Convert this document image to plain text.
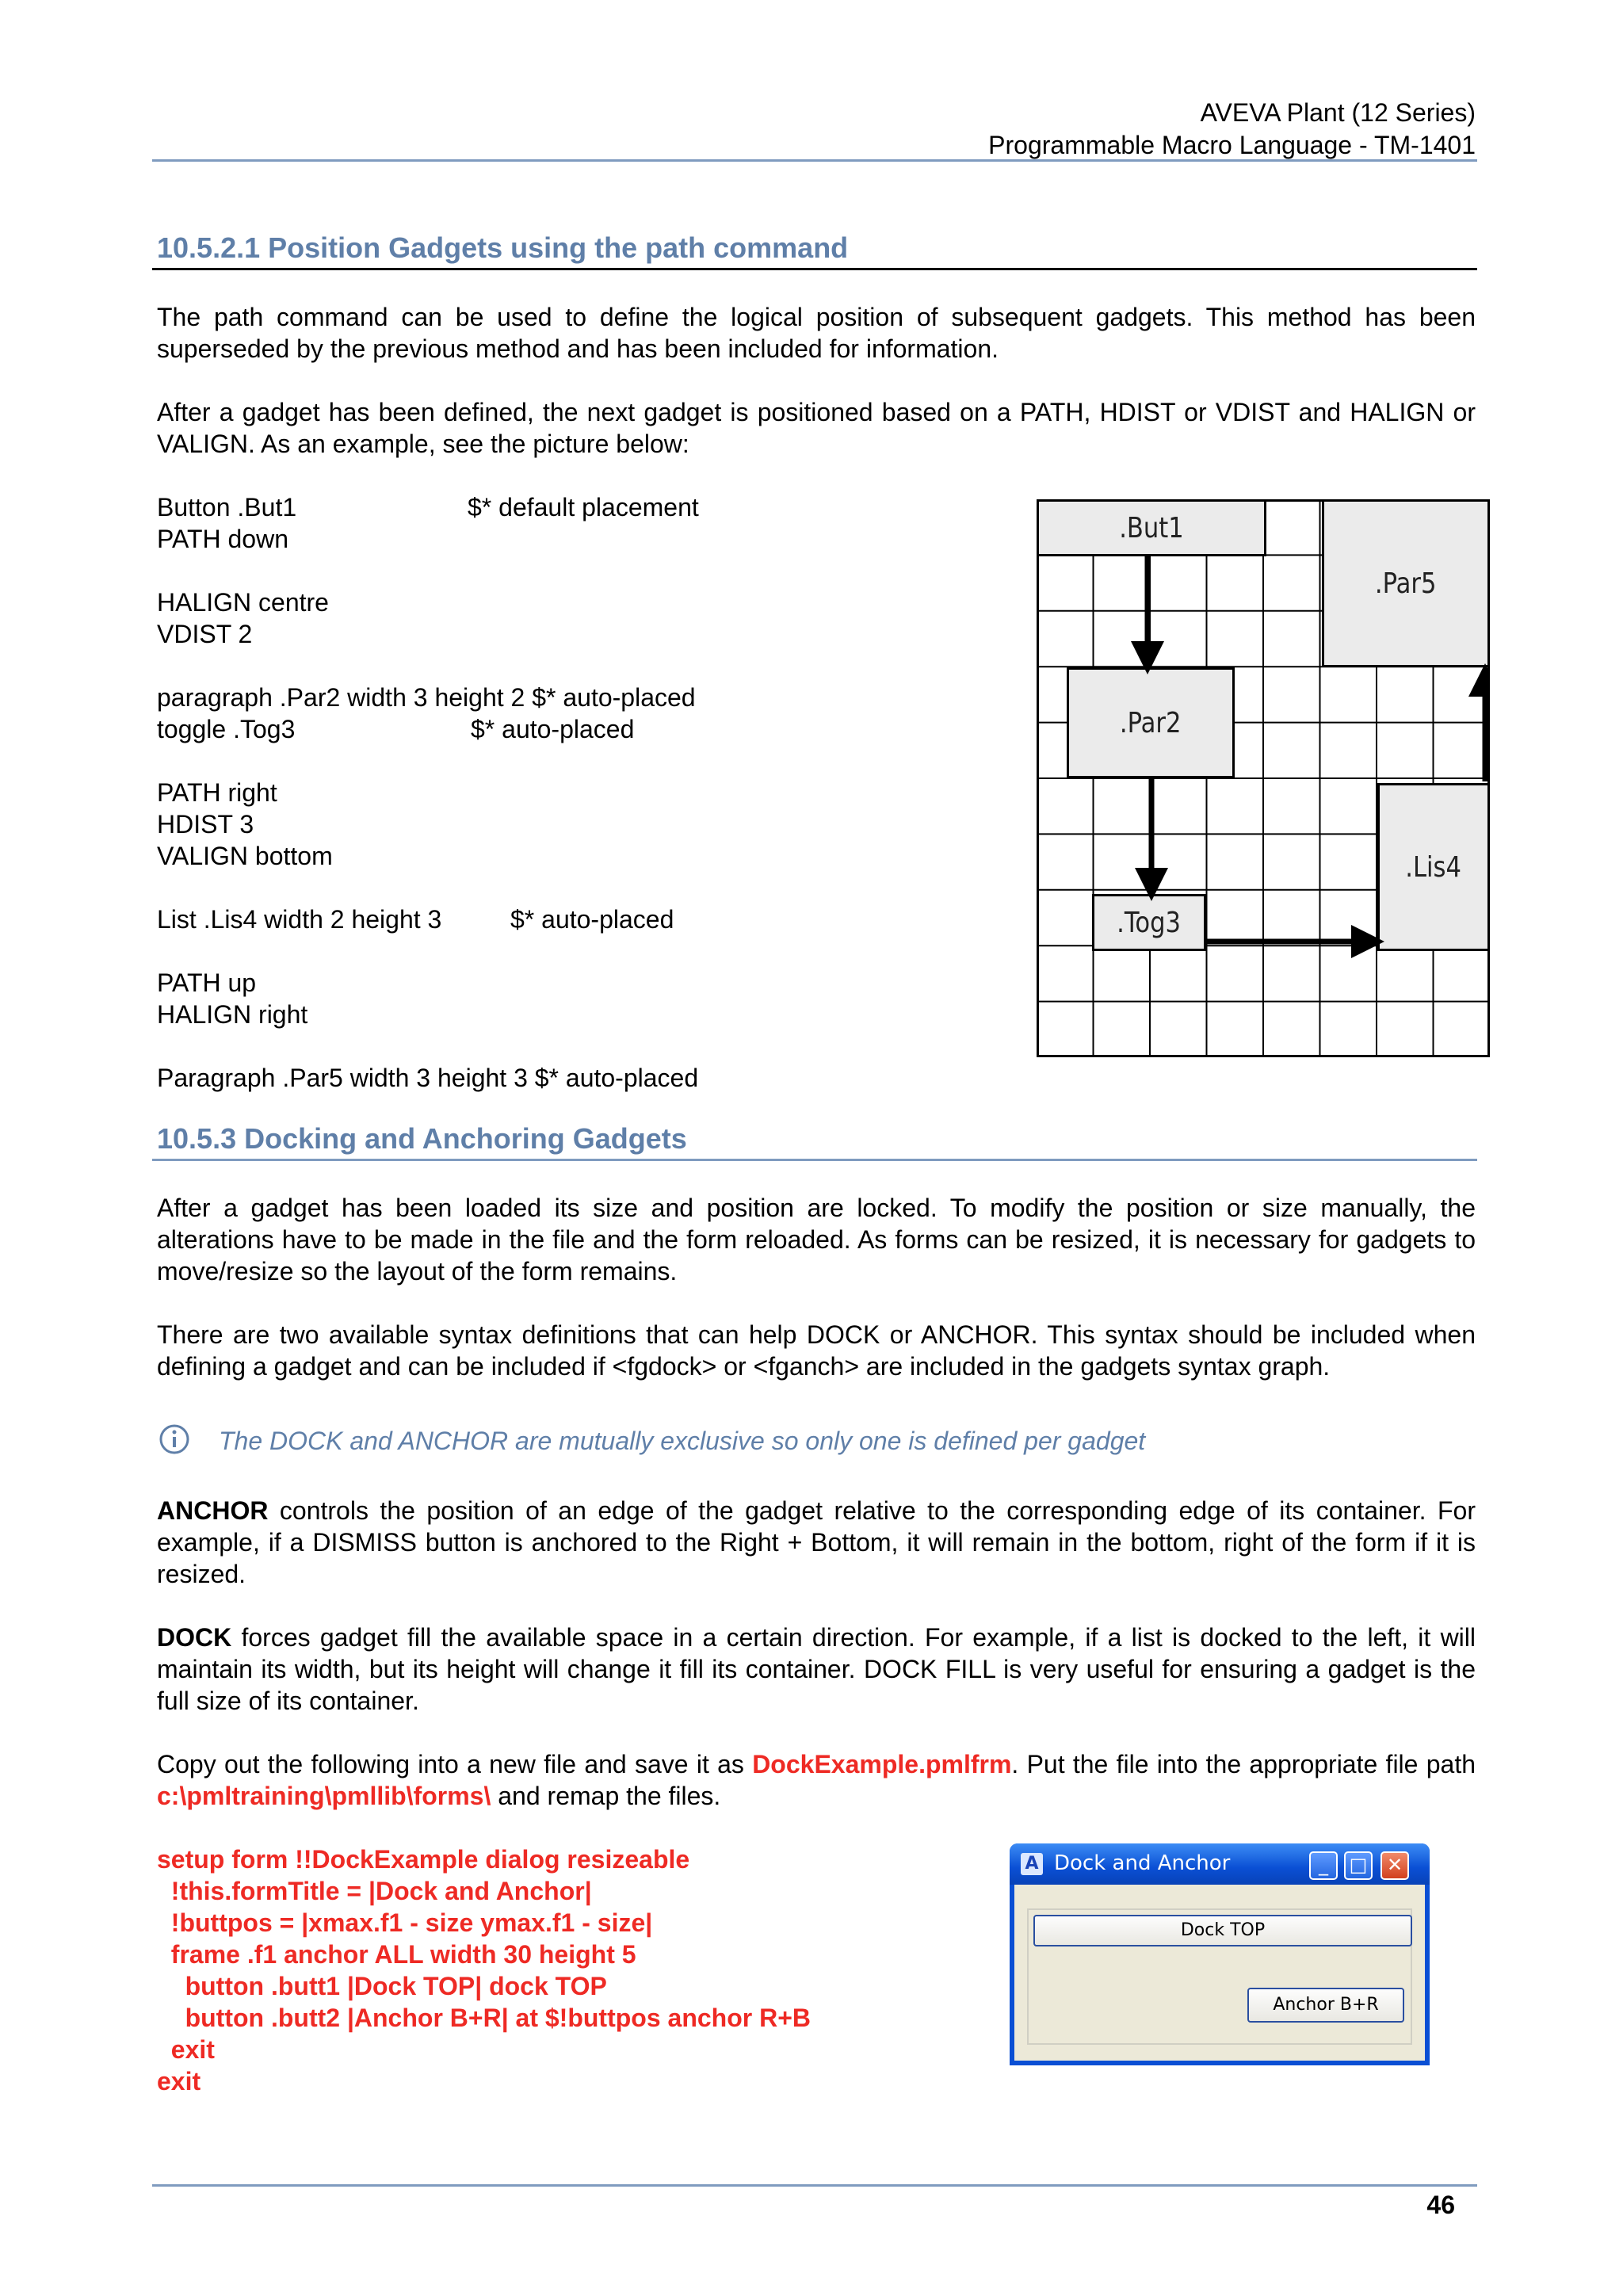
AVEVA Plant (12 Series)
Programmable Macro Language - TM-1401
10.5.2.1 Position Gadgets using the path command
The path command can be used to define the logical position of subsequent gadgets. This method has been superseded by the previous method and has been included for information.
After a gadget has been defined, the next gadget is positioned based on a PATH, HDIST or VDIST and HALIGN or VALIGN. As an example, see the picture below:
Button .But1	$* default placement
PATH down
HALIGN centre
VDIST 2
paragraph .Par2 width 3 height 2 $* auto-placed
toggle .Tog3	$* auto-placed
PATH right
HDIST 3
VALIGN bottom
List .Lis4 width 2 height 3	$* auto-placed
PATH up
HALIGN right
Paragraph .Par5 width 3 height 3 $* auto-placed
.But1
.Par5
.Par2
.Lis4
.Tog3
10.5.3 Docking and Anchoring Gadgets
After a gadget has been loaded its size and position are locked. To modify the position or size manually, the alterations have to be made in the file and the form reloaded. As forms can be resized, it is necessary for gadgets to move/resize so the layout of the form remains.
There are two available syntax definitions that can help DOCK or ANCHOR. This syntax should be included when defining a gadget and can be included if <fgdock> or <fganch> are included in the gadgets syntax graph.
The DOCK and ANCHOR are mutually exclusive so only one is defined per gadget
ANCHOR controls the position of an edge of the gadget relative to the corresponding edge of its container. For example, if a DISMISS button is anchored to the Right + Bottom, it will remain in the bottom, right of the form if it is resized.
DOCK forces gadget fill the available space in a certain direction. For example, if a list is docked to the left, it will maintain its width, but its height will change it fill its container. DOCK FILL is very useful for ensuring a gadget is the full size of its container.
Copy out the following into a new file and save it as DockExample.pmlfrm. Put the file into the appropriate file path c:\pmltraining\pmllib\forms\ and remap the files.
setup form !!DockExample dialog resizeable
!this.formTitle = |Dock and Anchor|
!buttpos = |xmax.f1 - size ymax.f1 - size|
frame .f1 anchor ALL width 30 height 5
button .butt1 |Dock TOP| dock TOP
button .butt2 |Anchor B+R| at $!buttpos anchor R+B
exit
exit
A Dock and Anchor	_	□	✕
Dock TOP
Anchor B+R
46
